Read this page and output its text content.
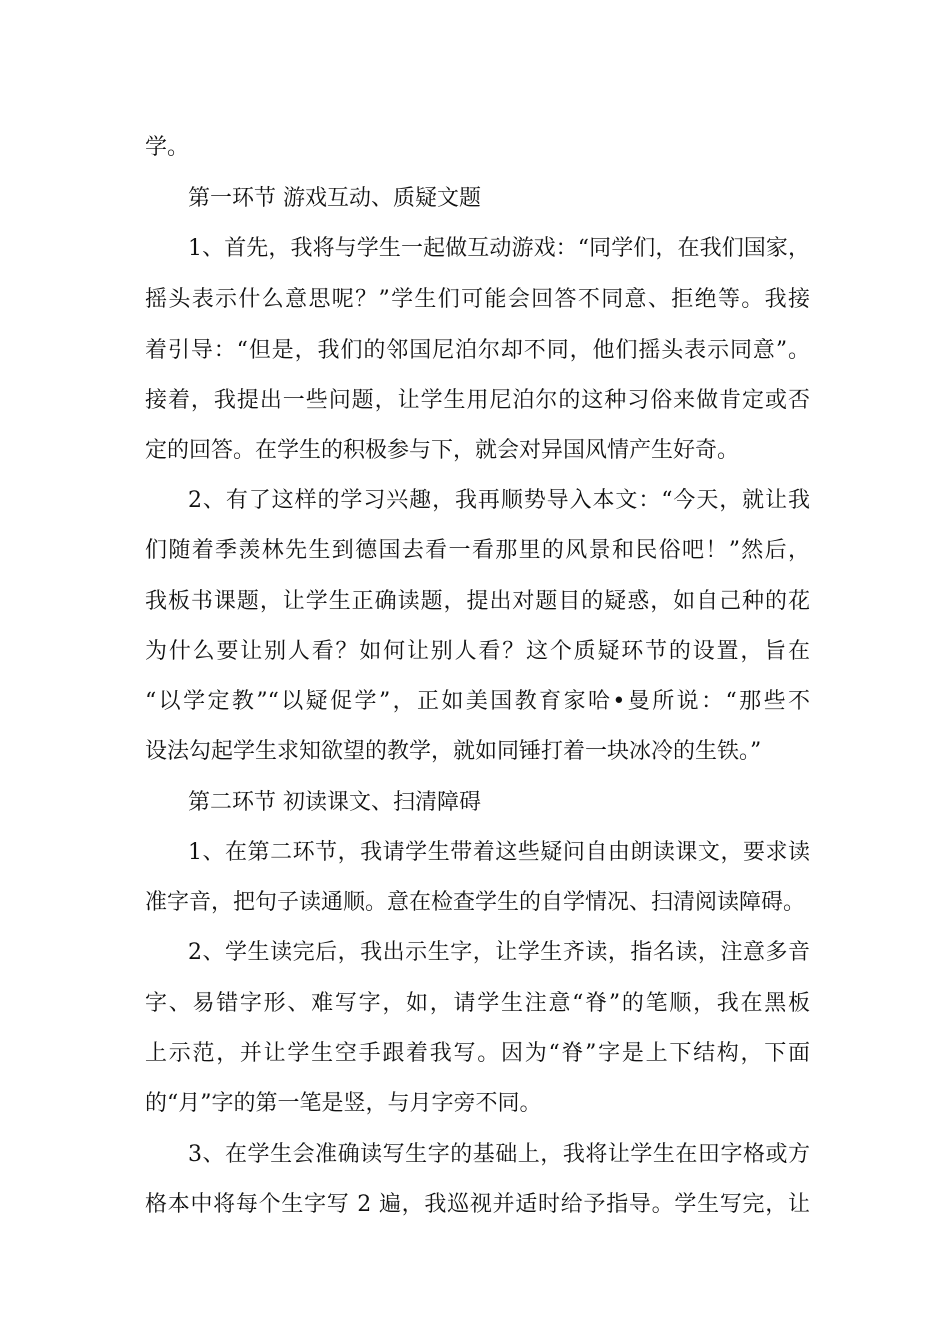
学。
第一环节 游戏互动、质疑文题
1、首先，我将与学生一起做互动游戏：“同学们，在我们国家，
摇头表示什么意思呢？”学生们可能会回答不同意、拒绝等。我接
着引导：“但是，我们的邻国尼泊尔却不同，他们摇头表示同意”。
接着，我提出一些问题，让学生用尼泊尔的这种习俗来做肯定或否
定的回答。在学生的积极参与下，就会对异国风情产生好奇。
2、有了这样的学习兴趣，我再顺势导入本文：“今天，就让我
们随着季羡林先生到德国去看一看那里的风景和民俗吧！”然后，
我板书课题，让学生正确读题，提出对题目的疑惑，如自己种的花
为什么要让别人看？如何让别人看？这个质疑环节的设置，旨在
“以学定教”“以疑促学”，正如美国教育家哈•曼所说：“那些不
设法勾起学生求知欲望的教学，就如同锤打着一块冰冷的生铁。”
第二环节 初读课文、扫清障碍
1、在第二环节，我请学生带着这些疑问自由朗读课文，要求读
准字音，把句子读通顺。意在检查学生的自学情况、扫清阅读障碍。
2、学生读完后，我出示生字，让学生齐读，指名读，注意多音
字、易错字形、难写字，如，请学生注意“脊”的笔顺，我在黑板
上示范，并让学生空手跟着我写。因为“脊”字是上下结构，下面
的“月”字的第一笔是竖，与月字旁不同。
3、在学生会准确读写生字的基础上，我将让学生在田字格或方
格本中将每个生字写 2 遍，我巡视并适时给予指导。学生写完，让
